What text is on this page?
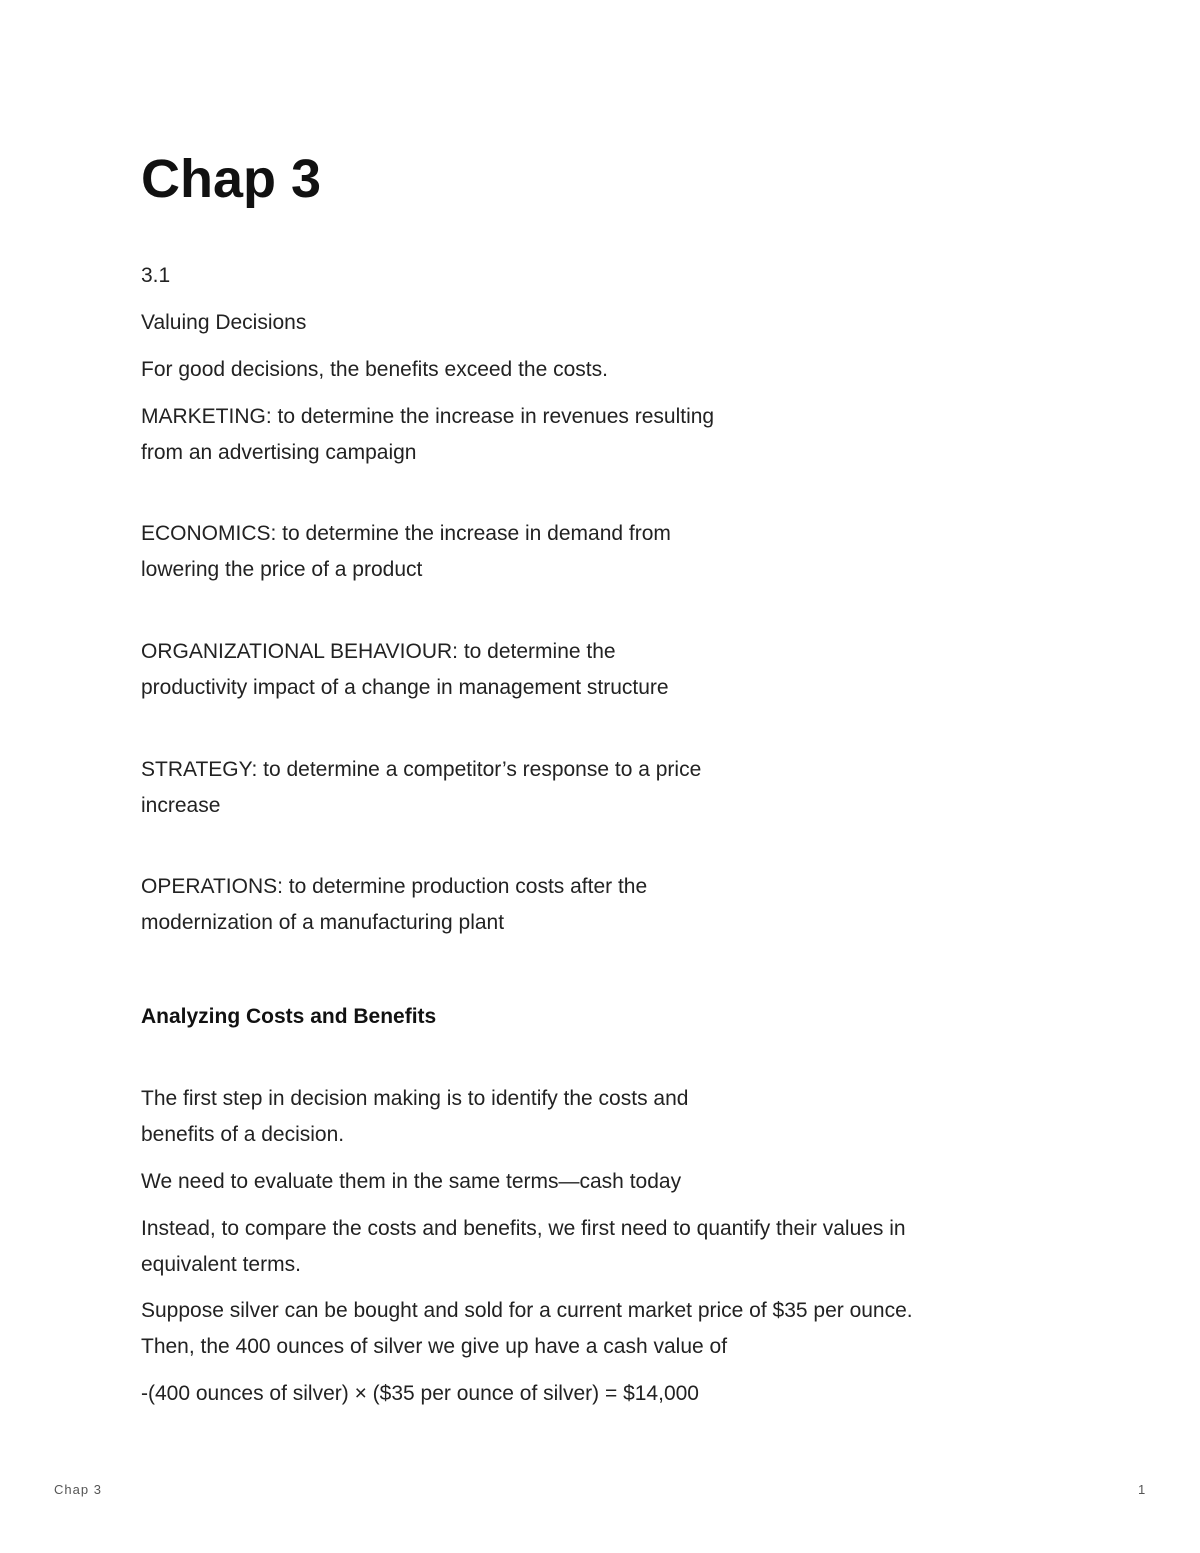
Chap 3

3.1

Valuing Decisions

For good decisions, the benefits exceed the costs.

MARKETING: to determine the increase in revenues resulting

from an advertising campaign

ECONOMICS: to determine the increase in demand from

lowering the price of a product

ORGANIZATIONAL BEHAVIOUR: to determine the

productivity impact of a change in management structure

STRATEGY: to determine a competitor’s response to a price

increase

OPERATIONS: to determine production costs after the

modernization of a manufacturing plant

Analyzing Costs and Benefits

The first step in decision making is to identify the costs and

benefits of a decision.

We need to evaluate them in the same terms—cash today

Instead, to compare the costs and benefits, we first need to quantify their values in

equivalent terms.

Suppose silver can be bought and sold for a current market price of $35 per ounce.

Then, the 400 ounces of silver we give up have a cash value of

-(400 ounces of silver) × ($35 per ounce of silver) = $14,000

Chap 3	1
